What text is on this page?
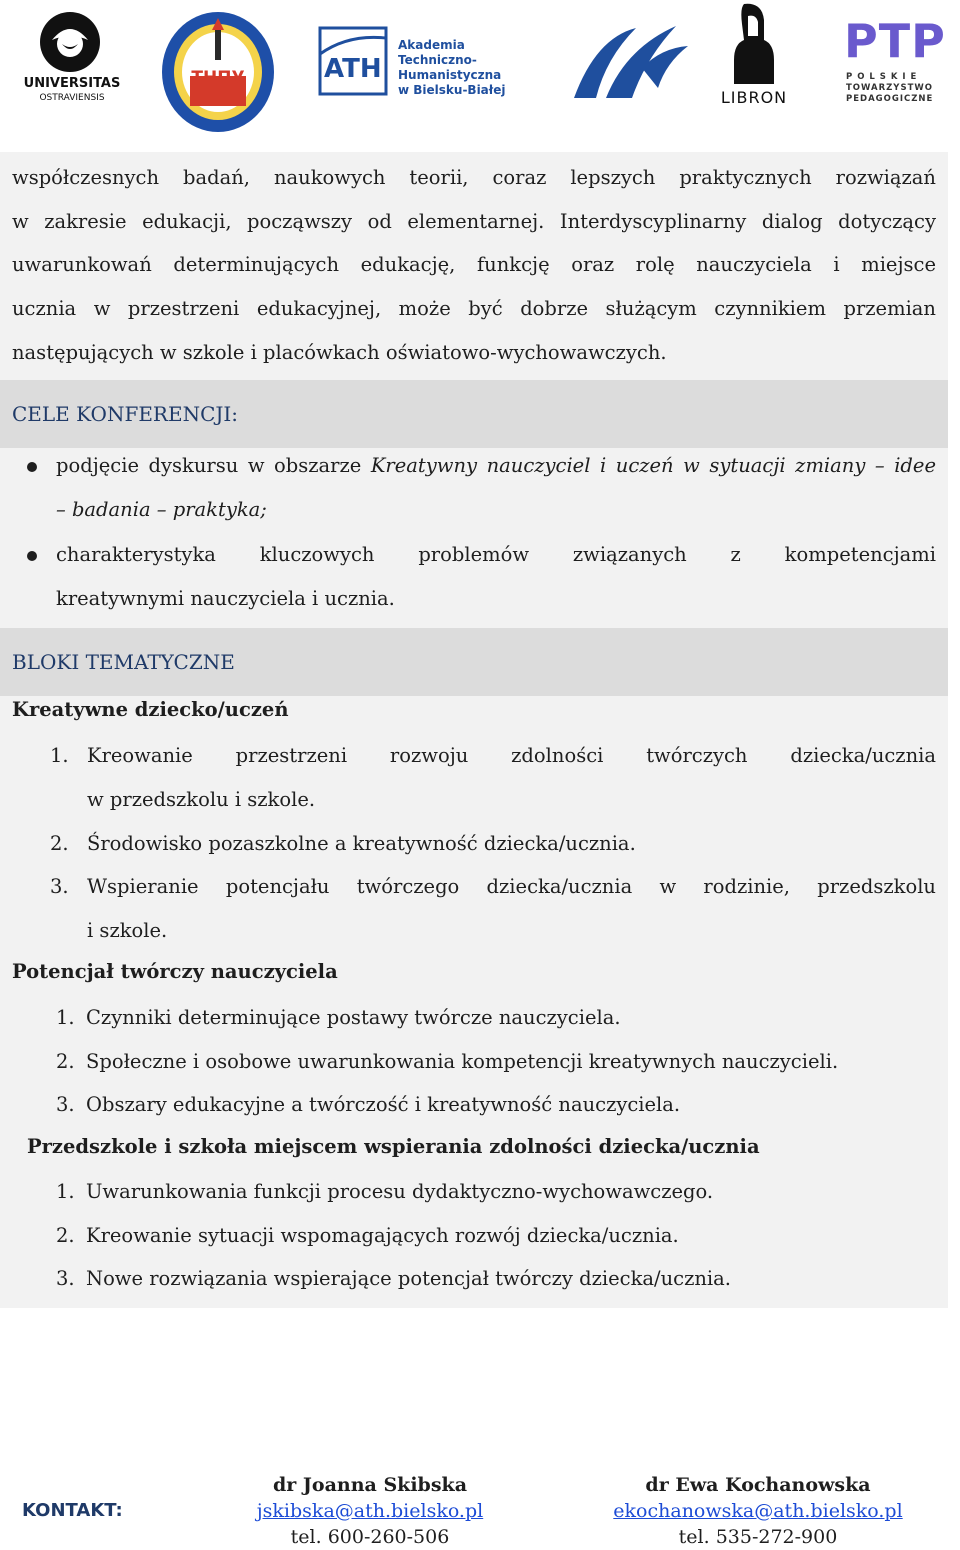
UNIVERSITAS
OSTRAVIENSIS
ТНПУ	ATH
Akademia
Techniczno-Humanistyczna
w Bielsku-Białej	LIBRON
PTP
P O L S K I E
TOWARZYSTWO
PEDAGOGICZNE
współczesnych badań, naukowych teorii, coraz lepszych praktycznych rozwiązań
w zakresie edukacji, począwszy od elementarnej. Interdyscyplinarny dialog dotyczący
uwarunkowań determinujących edukację, funkcję oraz rolę nauczyciela i miejsce
ucznia w przestrzeni edukacyjnej, może być dobrze służącym czynnikiem przemian
następujących w szkole i placówkach oświatowo-wychowawczych.
CELE KONFERENCJI:
podjęcie dyskursu w obszarze Kreatywny nauczyciel i uczeń w sytuacji zmiany – idee
– badania – praktyka;
charakterystyka kluczowych problemów związanych z kompetencjami
kreatywnymi nauczyciela i ucznia.
BLOKI TEMATYCZNE
Kreatywne dziecko/uczeń
1. Kreowanie przestrzeni rozwoju zdolności twórczych dziecka/ucznia
w przedszkolu i szkole.
2. Środowisko pozaszkolne a kreatywność dziecka/ucznia.
3. Wspieranie potencjału twórczego dziecka/ucznia w rodzinie, przedszkolu
i szkole.
Potencjał twórczy nauczyciela
1. Czynniki determinujące postawy twórcze nauczyciela.
2. Społeczne i osobowe uwarunkowania kompetencji kreatywnych nauczycieli.
3. Obszary edukacyjne a twórczość i kreatywność nauczyciela.
Przedszkole i szkoła miejscem wspierania zdolności dziecka/ucznia
1. Uwarunkowania funkcji procesu dydaktyczno-wychowawczego.
2. Kreowanie sytuacji wspomagających rozwój dziecka/ucznia.
3. Nowe rozwiązania wspierające potencjał twórczy dziecka/ucznia.
KONTAKT:
dr Joanna Skibska
jskibska@ath.bielsko.pl
tel. 600-260-506
dr Ewa Kochanowska
ekochanowska@ath.bielsko.pl
tel. 535-272-900
